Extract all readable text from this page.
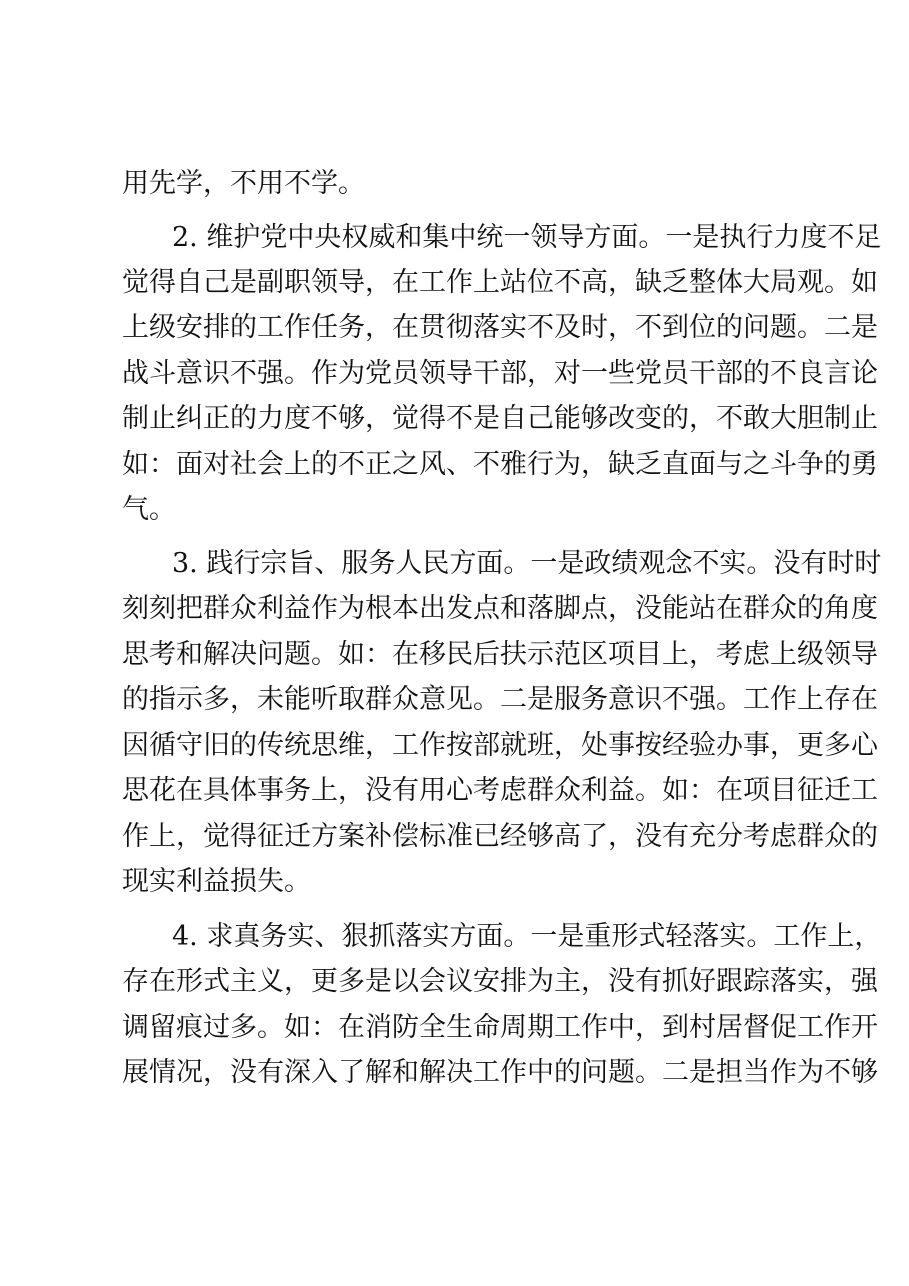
用先学，不用不学。
2. 维护党中央权威和集中统一领导方面。一是执行力度不足
觉得自己是副职领导，在工作上站位不高，缺乏整体大局观。如
上级安排的工作任务，在贯彻落实不及时，不到位的问题。二是
战斗意识不强。作为党员领导干部，对一些党员干部的不良言论
制止纠正的力度不够，觉得不是自己能够改变的，不敢大胆制止
如：面对社会上的不正之风、不雅行为，缺乏直面与之斗争的勇
气。
3. 践行宗旨、服务人民方面。一是政绩观念不实。没有时时
刻刻把群众利益作为根本出发点和落脚点，没能站在群众的角度
思考和解决问题。如：在移民后扶示范区项目上，考虑上级领导
的指示多，未能听取群众意见。二是服务意识不强。工作上存在
因循守旧的传统思维，工作按部就班，处事按经验办事，更多心
思花在具体事务上，没有用心考虑群众利益。如：在项目征迁工
作上，觉得征迁方案补偿标准已经够高了，没有充分考虑群众的
现实利益损失。
4. 求真务实、狠抓落实方面。一是重形式轻落实。工作上，
存在形式主义，更多是以会议安排为主，没有抓好跟踪落实，强
调留痕过多。如：在消防全生命周期工作中，到村居督促工作开
展情况，没有深入了解和解决工作中的问题。二是担当作为不够
